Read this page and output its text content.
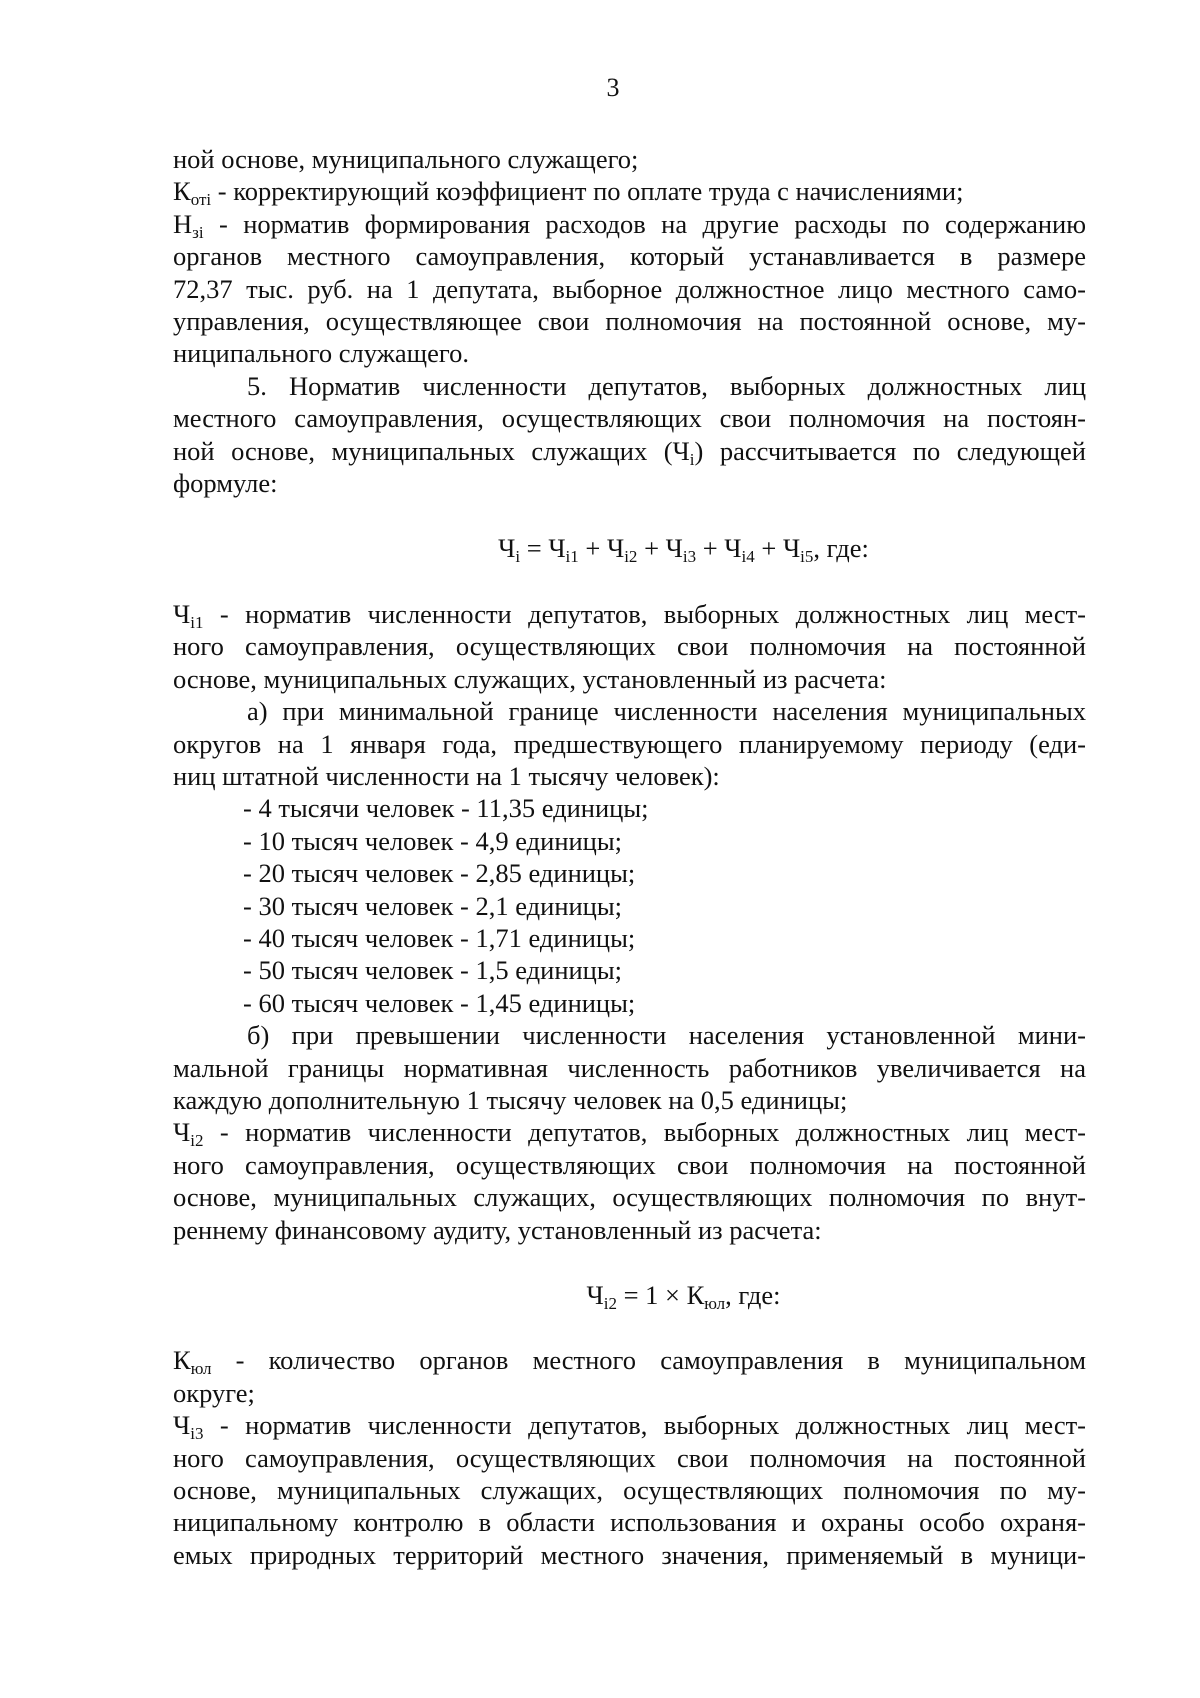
3

ной основе, муниципального служащего;

$К_{отi}$ - корректирующий коэффициент по оплате труда с начислениями;

$Н_{зi}$ - норматив формирования расходов на другие расходы по содержанию

органов местного самоуправления, который устанавливается в размере

72,37 тыс. руб. на 1 депутата, выборное должностное лицо местного само-

управления, осуществляющее свои полномочия на постоянной основе, му-

ниципального служащего.

5. Норматив численности депутатов, выборных должностных лиц

местного самоуправления, осуществляющих свои полномочия на постоян-

ной основе, муниципальных служащих $(Ч_i)$ рассчитывается по следующей

формуле:

$Ч_i = Ч_{i1} + Ч_{i2} + Ч_{i3} + Ч_{i4} + Ч_{i5}$, где:

$Ч_{i1}$ - норматив численности депутатов, выборных должностных лиц мест-

ного самоуправления, осуществляющих свои полномочия на постоянной

основе, муниципальных служащих, установленный из расчета:

а) при минимальной границе численности населения муниципальных

округов на 1 января года, предшествующего планируемому периоду (еди-

ниц штатной численности на 1 тысячу человек):

- 4 тысячи человек - 11,35 единицы;

- 10 тысяч человек - 4,9 единицы;

- 20 тысяч человек - 2,85 единицы;

- 30 тысяч человек - 2,1 единицы;

- 40 тысяч человек - 1,71 единицы;

- 50 тысяч человек - 1,5 единицы;

- 60 тысяч человек - 1,45 единицы;

б) при превышении численности населения установленной мини-

мальной границы нормативная численность работников увеличивается на

каждую дополнительную 1 тысячу человек на 0,5 единицы;

$Ч_{i2}$ - норматив численности депутатов, выборных должностных лиц мест-

ного самоуправления, осуществляющих свои полномочия на постоянной

основе, муниципальных служащих, осуществляющих полномочия по внут-

реннему финансовому аудиту, установленный из расчета:

$Ч_{i2} = 1 \times К_{юл}$, где:

$К_{юл}$ - количество органов местного самоуправления в муниципальном

округе;

$Ч_{i3}$ - норматив численности депутатов, выборных должностных лиц мест-

ного самоуправления, осуществляющих свои полномочия на постоянной

основе, муниципальных служащих, осуществляющих полномочия по му-

ниципальному контролю в области использования и охраны особо охраня-

емых природных территорий местного значения, применяемый в муници-
